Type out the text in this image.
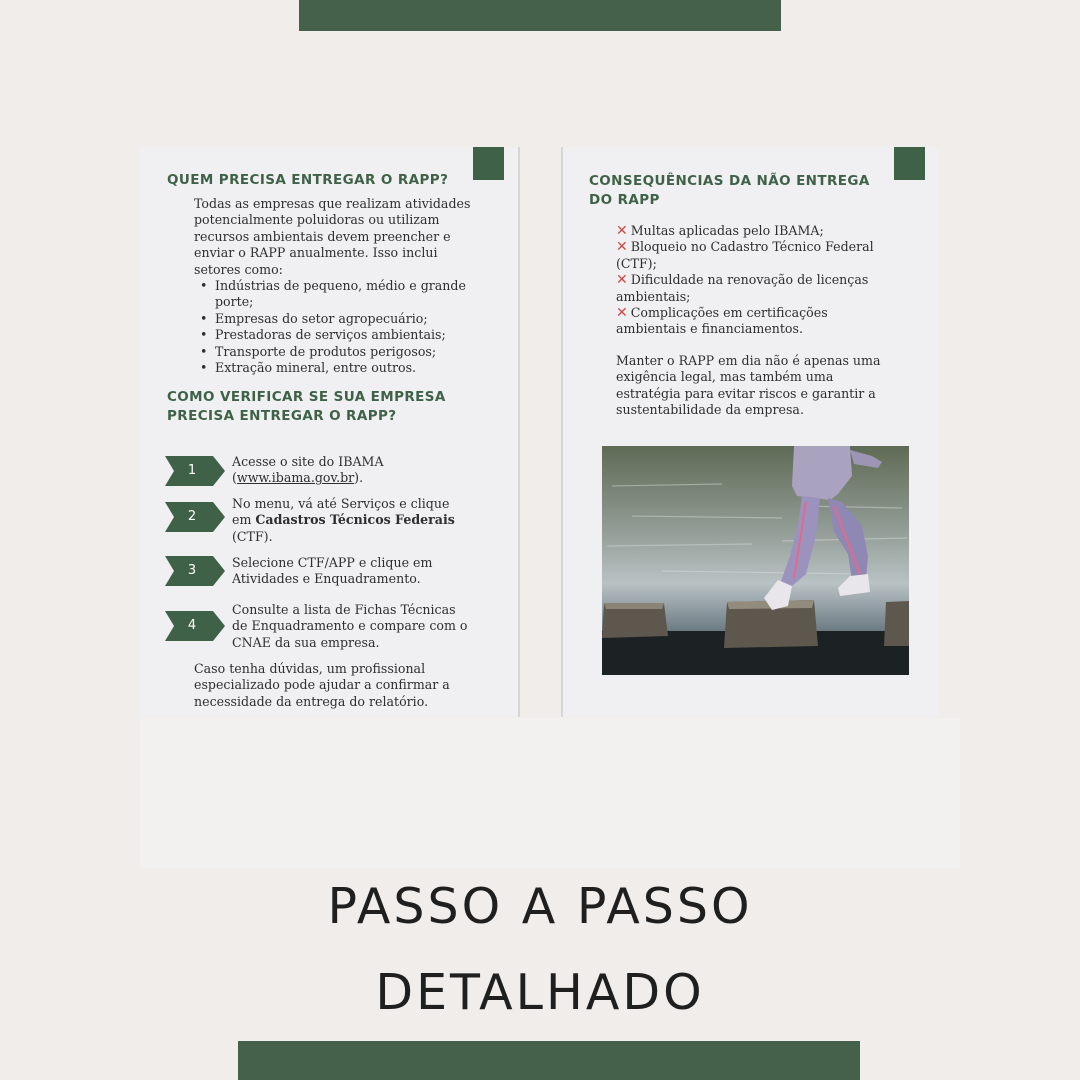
QUEM PRECISA ENTREGAR O RAPP?

Todas as empresas que realizam atividades potencialmente poluidoras ou utilizam recursos ambientais devem preencher e enviar o RAPP anualmente. Isso inclui setores como:

• Indústrias de pequeno, médio e grande porte;
• Empresas do setor agropecuário;
• Prestadoras de serviços ambientais;
• Transporte de produtos perigosos;
• Extração mineral, entre outros.
COMO VERIFICAR SE SUA EMPRESA PRECISA ENTREGAR O RAPP?
1

Acesse o site do IBAMA (www.ibama.gov.br).

2

No menu, vá até Serviços e clique em Cadastros Técnicos Federais (CTF).

3

Selecione CTF/APP e clique em Atividades e Enquadramento.

4

Consulte a lista de Fichas Técnicas de Enquadramento e compare com o CNAE da sua empresa.

Caso tenha dúvidas, um profissional especializado pode ajudar a confirmar a necessidade da entrega do relatório.

CONSEQUÊNCIAS DA NÃO ENTREGA DO RAPP
✕ Multas aplicadas pelo IBAMA;
✕ Bloqueio no Cadastro Técnico Federal (CTF);
✕ Dificuldade na renovação de licenças ambientais;
✕ Complicações em certificações ambientais e financiamentos.

Manter o RAPP em dia não é apenas uma exigência legal, mas também uma estratégia para evitar riscos e garantir a sustentabilidade da empresa.

PASSO A PASSO
DETALHADO
